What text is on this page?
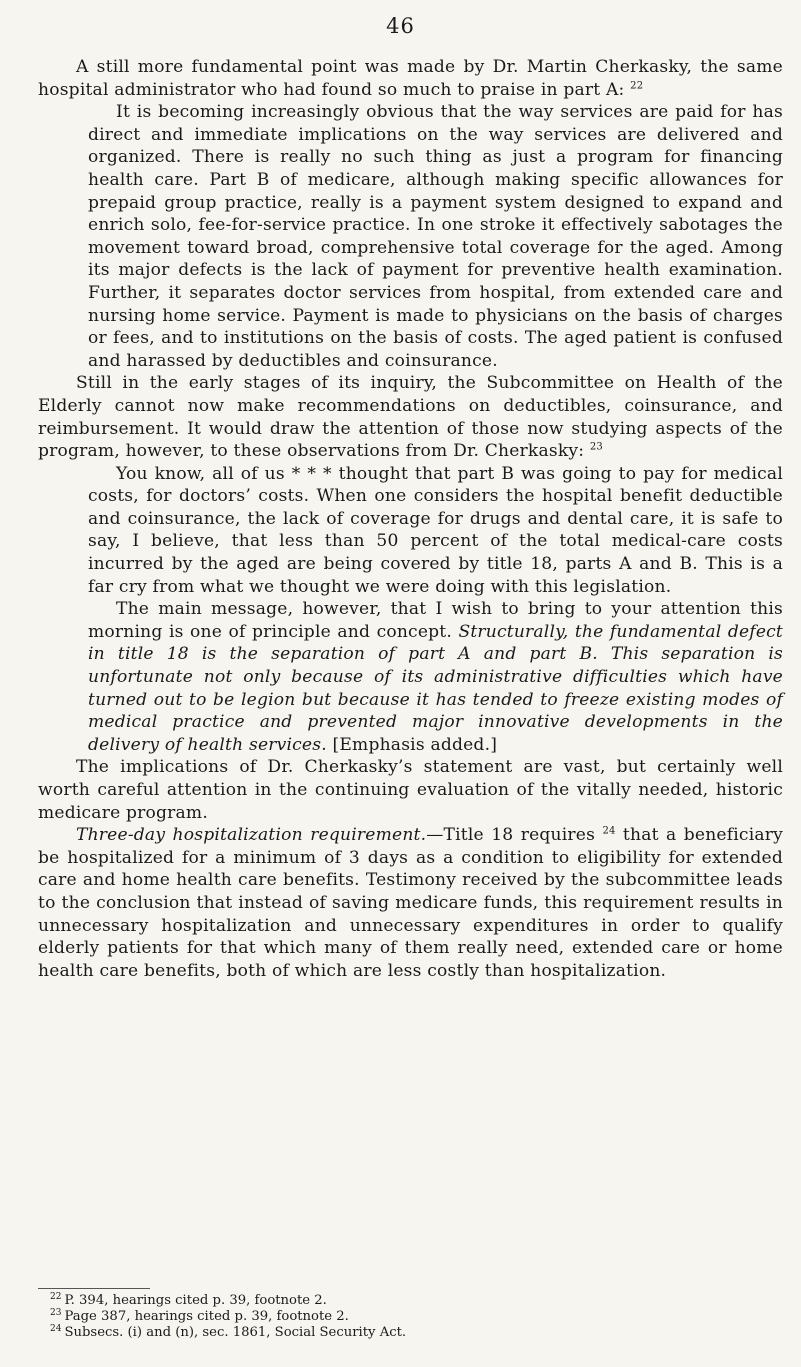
46

A still more fundamental point was made by Dr. Martin Cherkasky, the same hospital administrator who had found so much to praise in part A: $^{22}$

It is becoming increasingly obvious that the way services are paid for has direct and immediate implications on the way services are delivered and organized. There is really no such thing as just a program for financing health care. Part B of medicare, although making specific allowances for prepaid group practice, really is a payment system designed to expand and enrich solo, fee-for-service practice. In one stroke it effectively sabotages the movement toward broad, comprehensive total coverage for the aged. Among its major defects is the lack of payment for preventive health examination. Further, it separates doctor services from hospital, from extended care and nursing home service. Payment is made to physicians on the basis of charges or fees, and to institutions on the basis of costs. The aged patient is confused and harassed by deductibles and coinsurance.

Still in the early stages of its inquiry, the Subcommittee on Health of the Elderly cannot now make recommendations on deductibles, coinsurance, and reimbursement. It would draw the attention of those now studying aspects of the program, however, to these observations from Dr. Cherkasky: $^{23}$

You know, all of us * * * thought that part B was going to pay for medical costs, for doctors’ costs. When one considers the hospital benefit deductible and coinsurance, the lack of coverage for drugs and dental care, it is safe to say, I believe, that less than 50 percent of the total medical-care costs incurred by the aged are being covered by title 18, parts A and B. This is a far cry from what we thought we were doing with this legislation.

The main message, however, that I wish to bring to your attention this morning is one of principle and concept. Structurally, the fundamental defect in title 18 is the separation of part A and part B. This separation is unfortunate not only because of its administrative difficulties which have turned out to be legion but because it has tended to freeze existing modes of medical practice and prevented major innovative developments in the delivery of health services. [Emphasis added.]

The implications of Dr. Cherkasky’s statement are vast, but certainly well worth careful attention in the continuing evaluation of the vitally needed, historic medicare program.

Three-day hospitalization requirement.—Title 18 requires $^{24}$ that a beneficiary be hospitalized for a minimum of 3 days as a condition to eligibility for extended care and home health care benefits. Testimony received by the subcommittee leads to the conclusion that instead of saving medicare funds, this requirement results in unnecessary hospitalization and unnecessary expenditures in order to qualify elderly patients for that which many of them really need, extended care or home health care benefits, both of which are less costly than hospitalization.

$^{22}$ P. 394, hearings cited p. 39, footnote 2.

$^{23}$ Page 387, hearings cited p. 39, footnote 2.

$^{24}$ Subsecs. (i) and (n), sec. 1861, Social Security Act.
